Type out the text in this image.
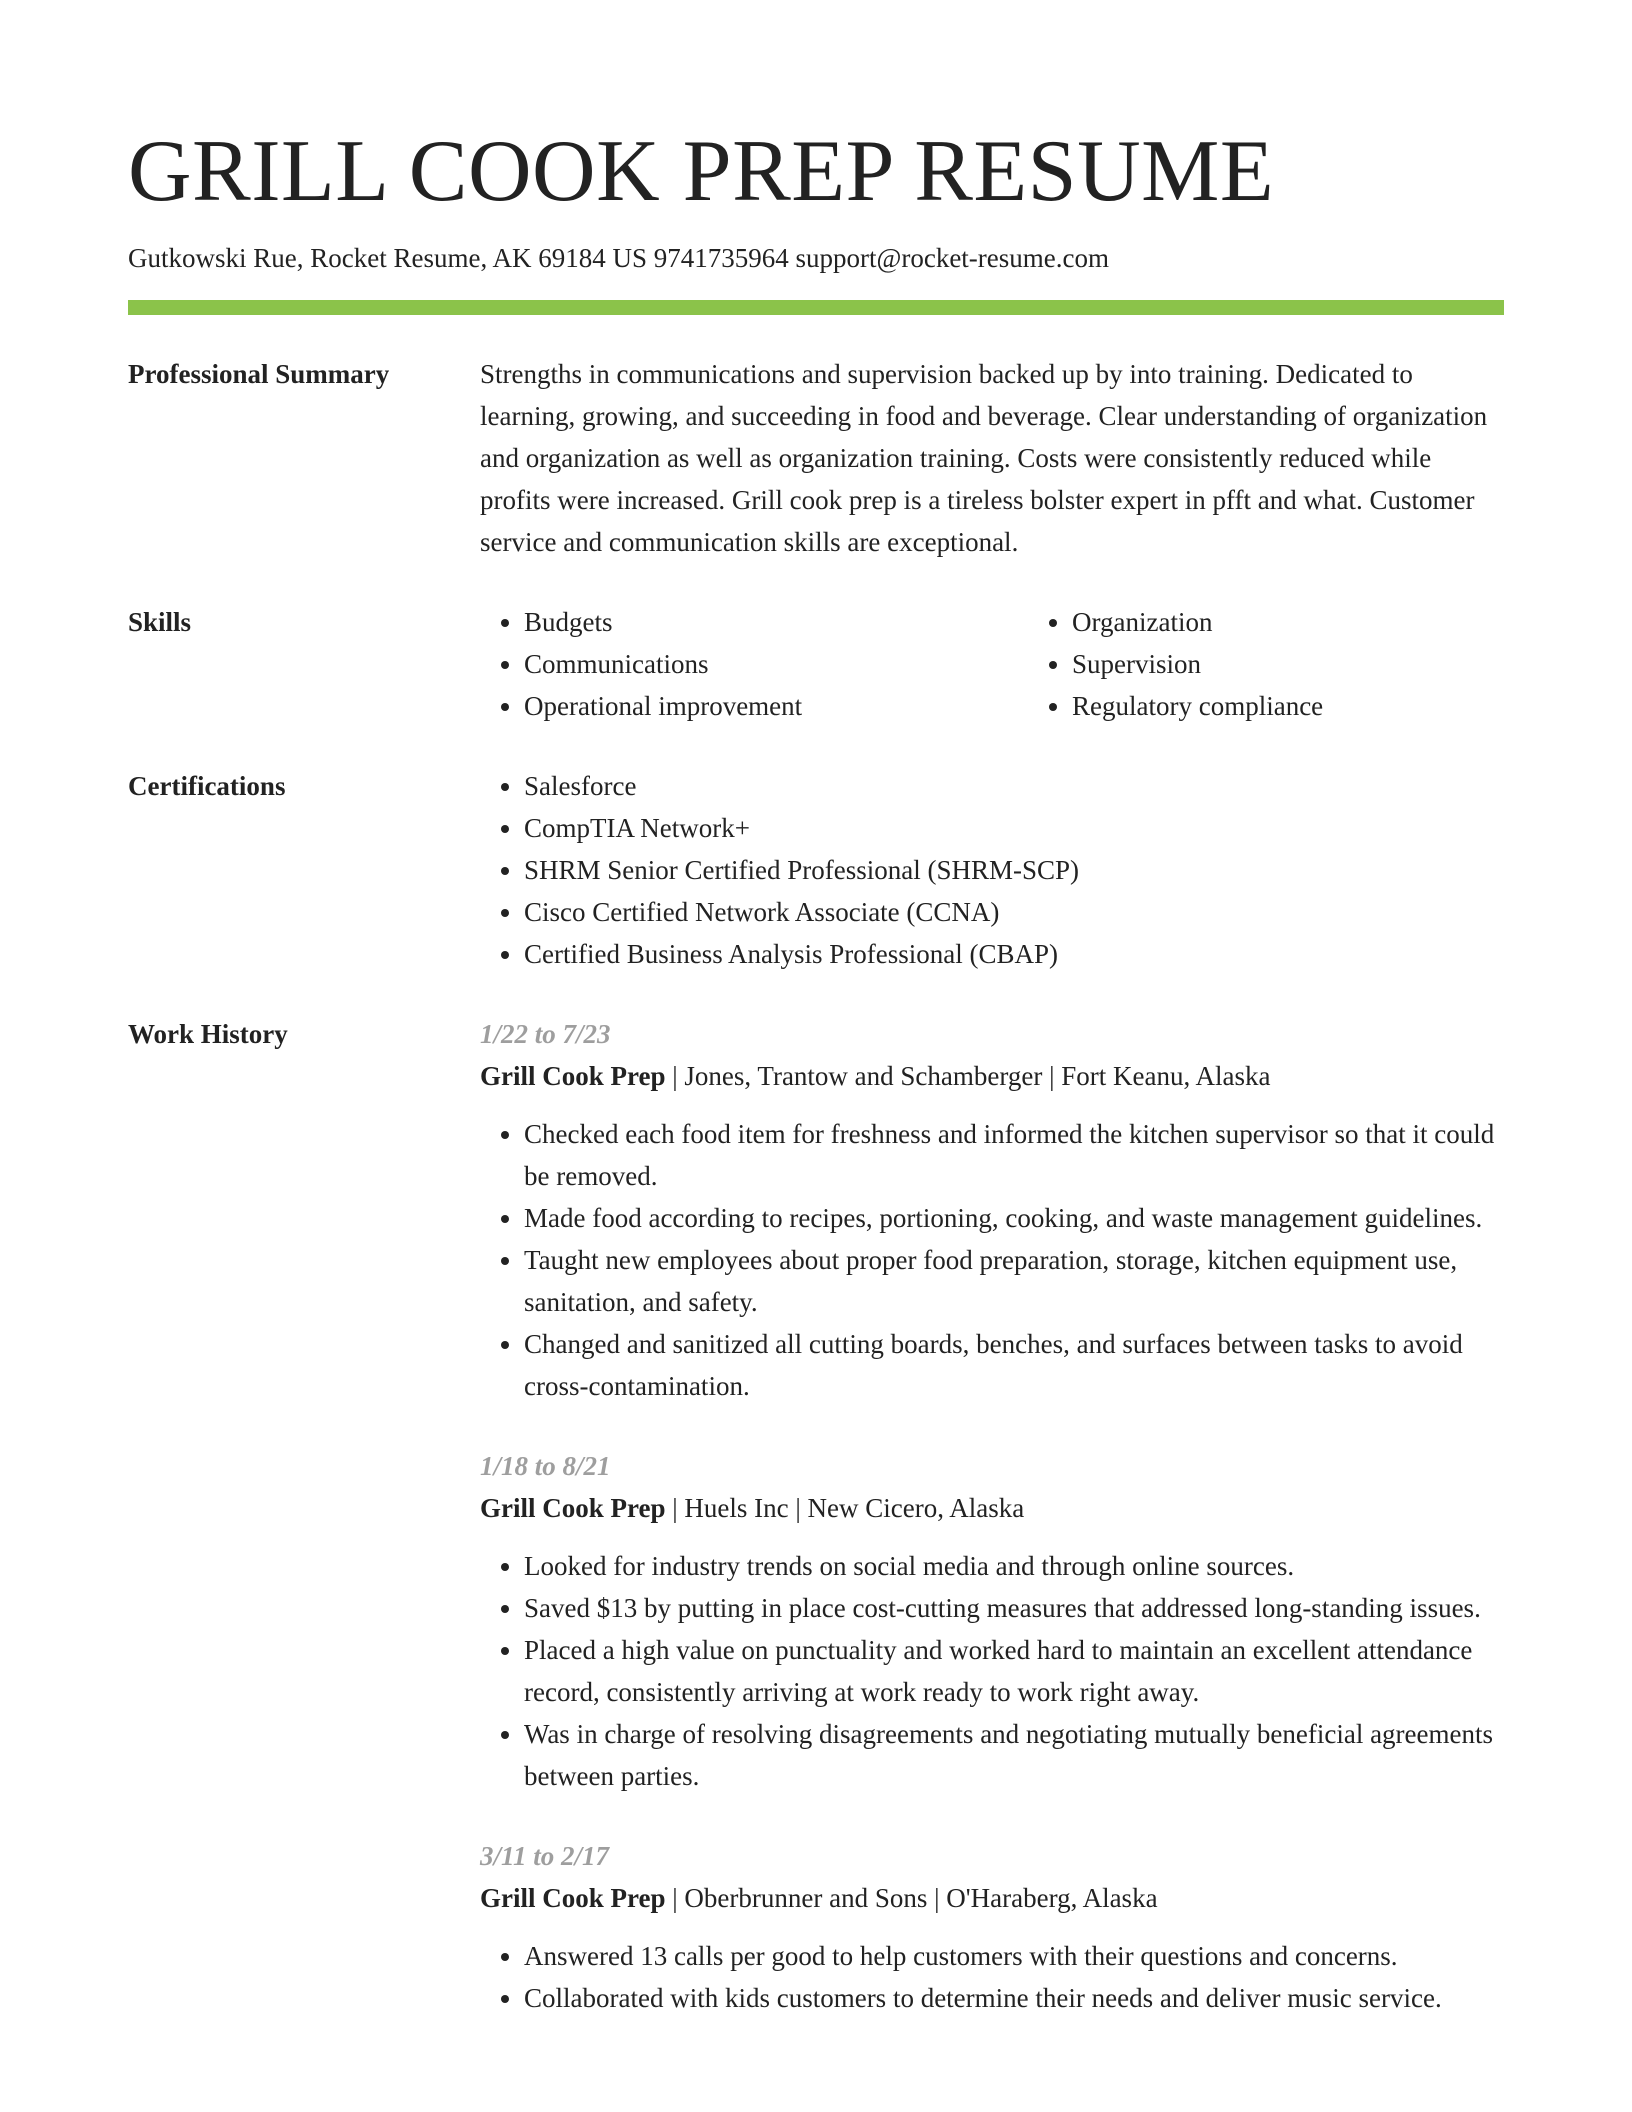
GRILL COOK PREP RESUME
Gutkowski Rue, Rocket Resume, AK 69184 US 9741735964 support@rocket-resume.com
Professional Summary	Strengths in communications and supervision backed up by into training. Dedicated to learning, growing, and succeeding in food and beverage. Clear understanding of organization and organization as well as organization training. Costs were consistently reduced while profits were increased. Grill cook prep is a tireless bolster expert in pfft and what. Customer service and communication skills are exceptional.

Skills	• Budgets
• Communications
• Operational improvement
• Organization
• Supervision
• Regulatory compliance
Certifications	• Salesforce
• CompTIA Network+
• SHRM Senior Certified Professional (SHRM-SCP)
• Cisco Certified Network Associate (CCNA)
• Certified Business Analysis Professional (CBAP)
Work History	1/22 to 7/23
Grill Cook Prep | Jones, Trantow and Schamberger | Fort Keanu, Alaska
• Checked each food item for freshness and informed the kitchen supervisor so that it could be removed.
• Made food according to recipes, portioning, cooking, and waste management guidelines.
• Taught new employees about proper food preparation, storage, kitchen equipment use, sanitation, and safety.
• Changed and sanitized all cutting boards, benches, and surfaces between tasks to avoid cross-contamination.
1/18 to 8/21
Grill Cook Prep | Huels Inc | New Cicero, Alaska
• Looked for industry trends on social media and through online sources.
• Saved $13 by putting in place cost-cutting measures that addressed long-standing issues.
• Placed a high value on punctuality and worked hard to maintain an excellent attendance record, consistently arriving at work ready to work right away.
• Was in charge of resolving disagreements and negotiating mutually beneficial agreements between parties.
3/11 to 2/17
Grill Cook Prep | Oberbrunner and Sons | O'Haraberg, Alaska
• Answered 13 calls per good to help customers with their questions and concerns.
• Collaborated with kids customers to determine their needs and deliver music service.
